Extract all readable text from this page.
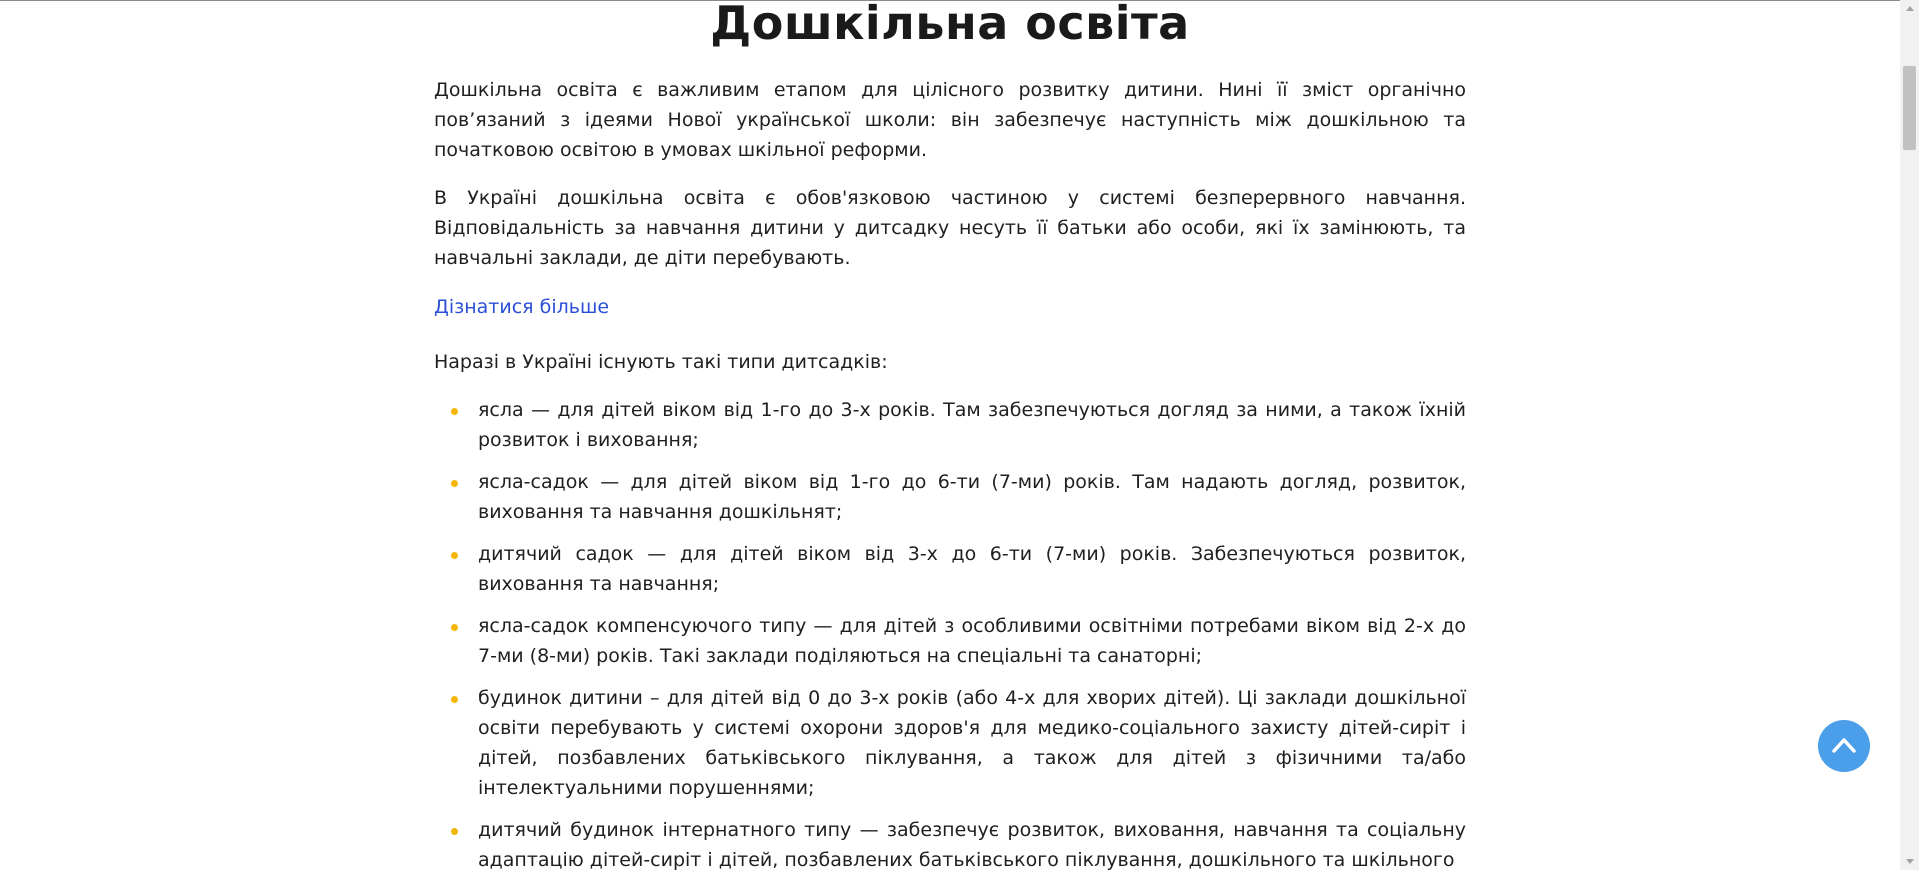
Дошкільна освіта

Дошкільна освіта є важливим етапом для цілісного розвитку дитини. Нині її зміст органічно пов’язаний з ідеями Нової української школи: він забезпечує наступність між дошкільною та початковою освітою в умовах шкільної реформи.

В Україні дошкільна освіта є обов'язковою частиною у системі безперервного навчання. Відповідальність за навчання дитини у дитсадку несуть її батьки або особи, які їх замінюють, та навчальні заклади, де діти перебувають.

Дізнатися більше

Наразі в Україні існують такі типи дитсадків:

ясла — для дітей віком від 1-го до 3-х років. Там забезпечуються догляд за ними, а також їхній розвиток і виховання;
ясла-садок — для дітей віком від 1-го до 6-ти (7-ми) років. Там надають догляд, розвиток, виховання та навчання дошкільнят;
дитячий садок — для дітей віком від 3-х до 6-ти (7-ми) років. Забезпечуються розвиток, виховання та навчання;
ясла-садок компенсуючого типу — для дітей з особливими освітніми потребами віком від 2-х до 7-ми (8-ми) років. Такі заклади поділяються на спеціальні та санаторні;
будинок дитини – для дітей від 0 до 3-х років (або 4-х для хворих дітей). Ці заклади дошкільної освіти перебувають у системі охорони здоров'я для медико-соціального захисту дітей-сиріт і дітей, позбавлених батьківського піклування, а також для дітей з фізичними та/або інтелектуальними порушеннями;
дитячий будинок інтернатного типу — забезпечує розвиток, виховання, навчання та соціальну адаптацію дітей-сиріт і дітей, позбавлених батьківського піклування, дошкільного та шкільного
